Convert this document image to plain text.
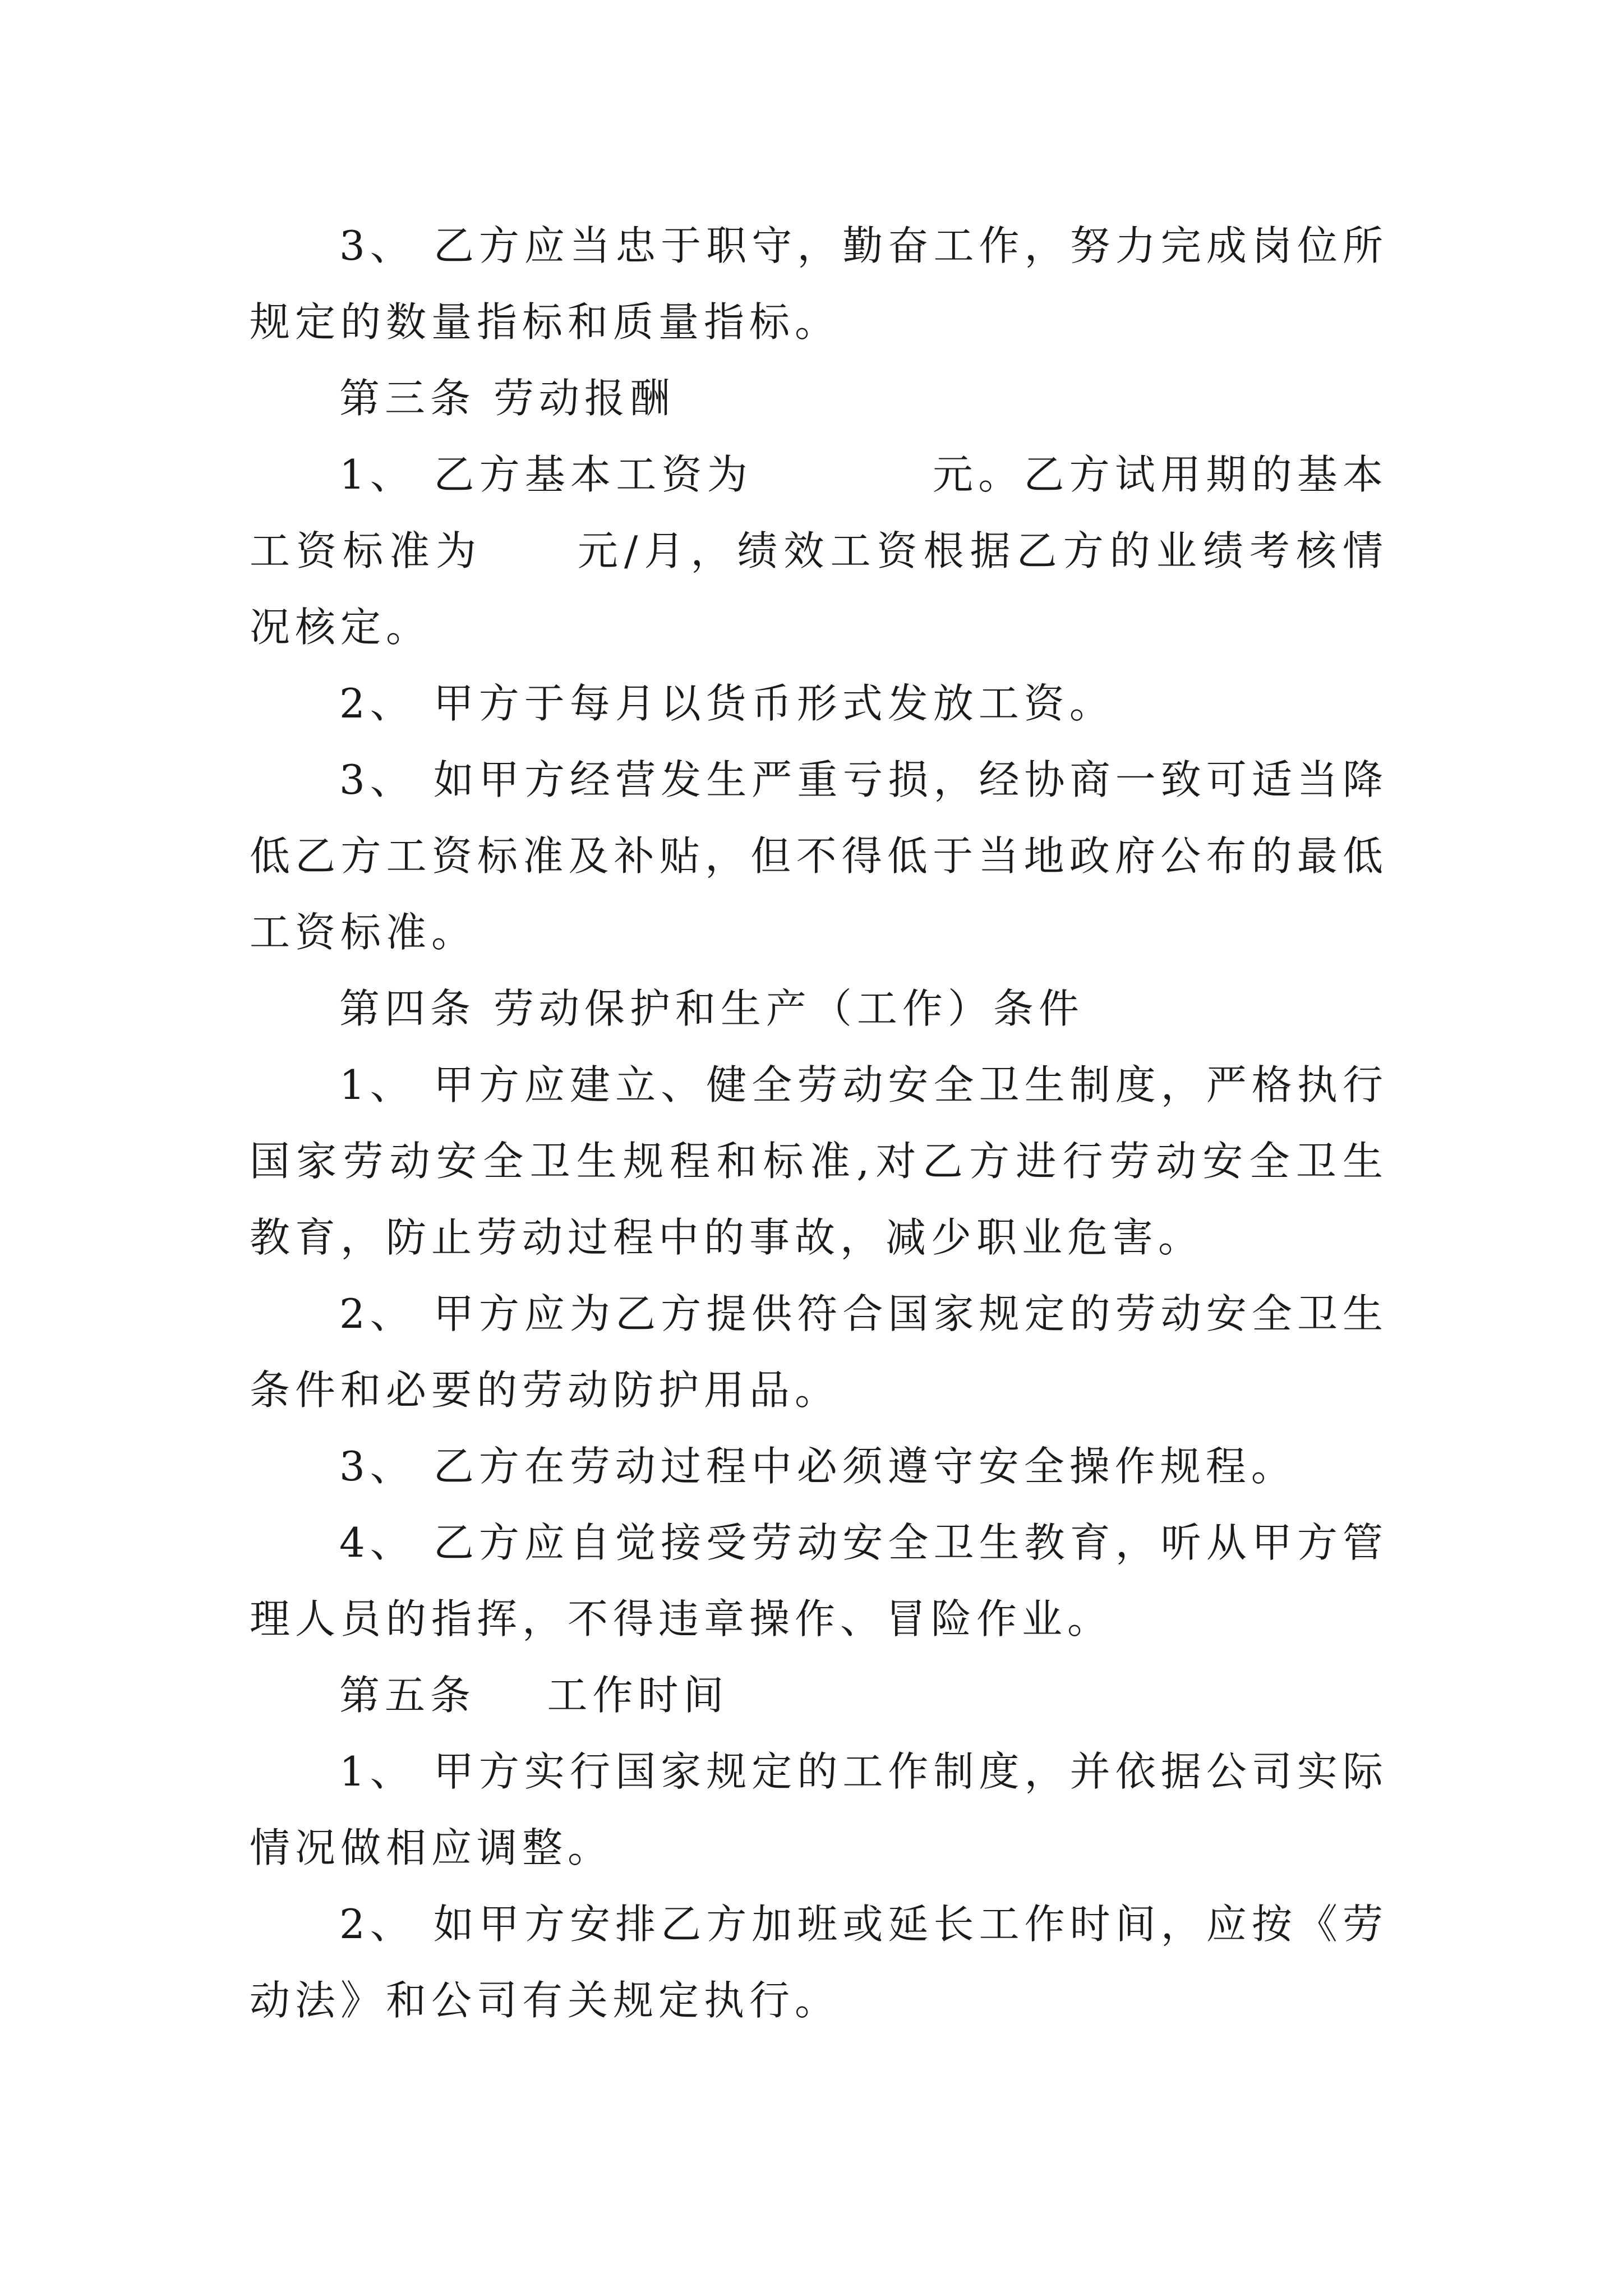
3、 乙方应当忠于职守，勤奋工作，努力完成岗位所规定的数量指标和质量指标。

第三条 劳动报酬

1、 乙方基本工资为          元。乙方试用期的基本工资标准为     元/月，绩效工资根据乙方的业绩考核情况核定。

2、 甲方于每月以货币形式发放工资。

3、 如甲方经营发生严重亏损，经协商一致可适当降低乙方工资标准及补贴，但不得低于当地政府公布的最低工资标准。

第四条 劳动保护和生产（工作）条件

1、 甲方应建立、健全劳动安全卫生制度，严格执行国家劳动安全卫生规程和标准,对乙方进行劳动安全卫生教育，防止劳动过程中的事故，减少职业危害。

2、 甲方应为乙方提供符合国家规定的劳动安全卫生条件和必要的劳动防护用品。

3、 乙方在劳动过程中必须遵守安全操作规程。

4、 乙方应自觉接受劳动安全卫生教育，听从甲方管理人员的指挥，不得违章操作、冒险作业。

第五条    工作时间

1、 甲方实行国家规定的工作制度，并依据公司实际情况做相应调整。

2、 如甲方安排乙方加班或延长工作时间，应按《劳动法》和公司有关规定执行。
